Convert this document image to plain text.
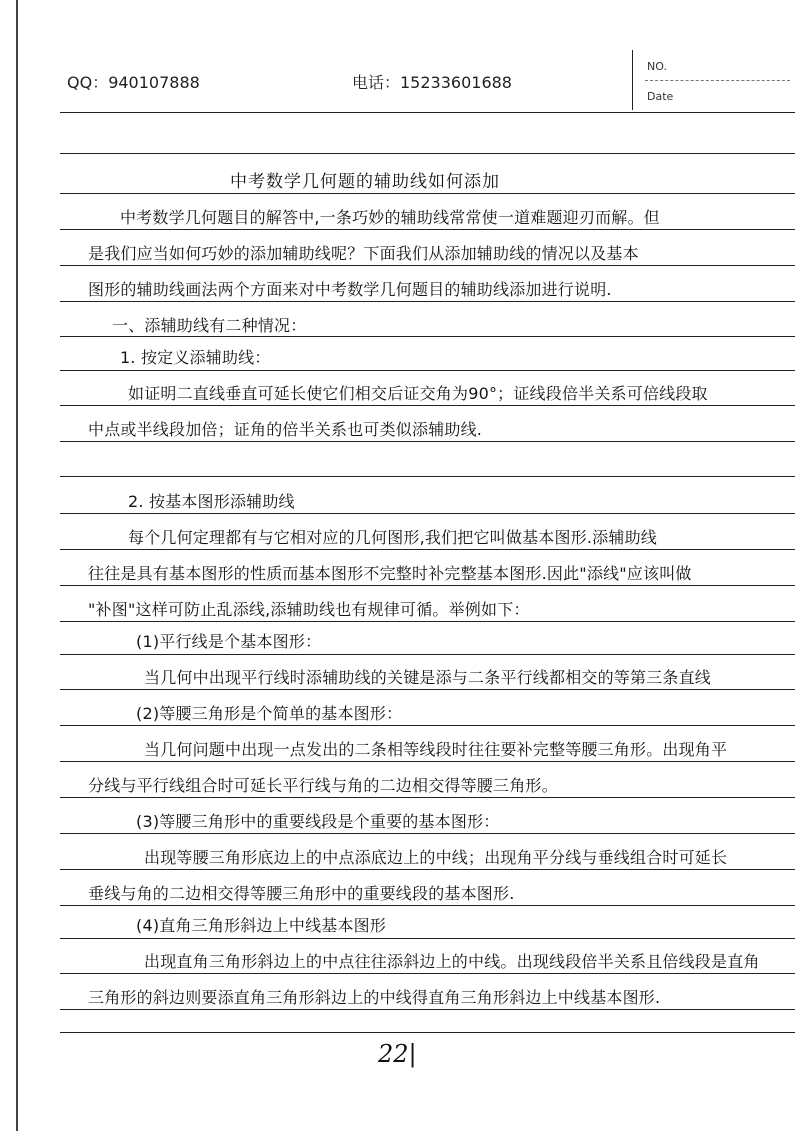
QQ：940107888	电话：15233601688
NO.
Date
中考数学几何题的辅助线如何添加
中考数学几何题目的解答中,一条巧妙的辅助线常常使一道难题迎刃而解。但
是我们应当如何巧妙的添加辅助线呢？下面我们从添加辅助线的情况以及基本
图形的辅助线画法两个方面来对中考数学几何题目的辅助线添加进行说明.
一、添辅助线有二种情况：
1. 按定义添辅助线：
如证明二直线垂直可延长使它们相交后证交角为90°；证线段倍半关系可倍线段取
中点或半线段加倍；证角的倍半关系也可类似添辅助线.
2. 按基本图形添辅助线
每个几何定理都有与它相对应的几何图形,我们把它叫做基本图形.添辅助线
往往是具有基本图形的性质而基本图形不完整时补完整基本图形.因此"添线"应该叫做
"补图"这样可防止乱添线,添辅助线也有规律可循。举例如下：
(1)平行线是个基本图形：
当几何中出现平行线时添辅助线的关键是添与二条平行线都相交的等第三条直线
(2)等腰三角形是个简单的基本图形：
当几何问题中出现一点发出的二条相等线段时往往要补完整等腰三角形。出现角平
分线与平行线组合时可延长平行线与角的二边相交得等腰三角形。
(3)等腰三角形中的重要线段是个重要的基本图形：
出现等腰三角形底边上的中点添底边上的中线；出现角平分线与垂线组合时可延长
垂线与角的二边相交得等腰三角形中的重要线段的基本图形.
(4)直角三角形斜边上中线基本图形
出现直角三角形斜边上的中点往往添斜边上的中线。出现线段倍半关系且倍线段是直角
三角形的斜边则要添直角三角形斜边上的中线得直角三角形斜边上中线基本图形.
22|
